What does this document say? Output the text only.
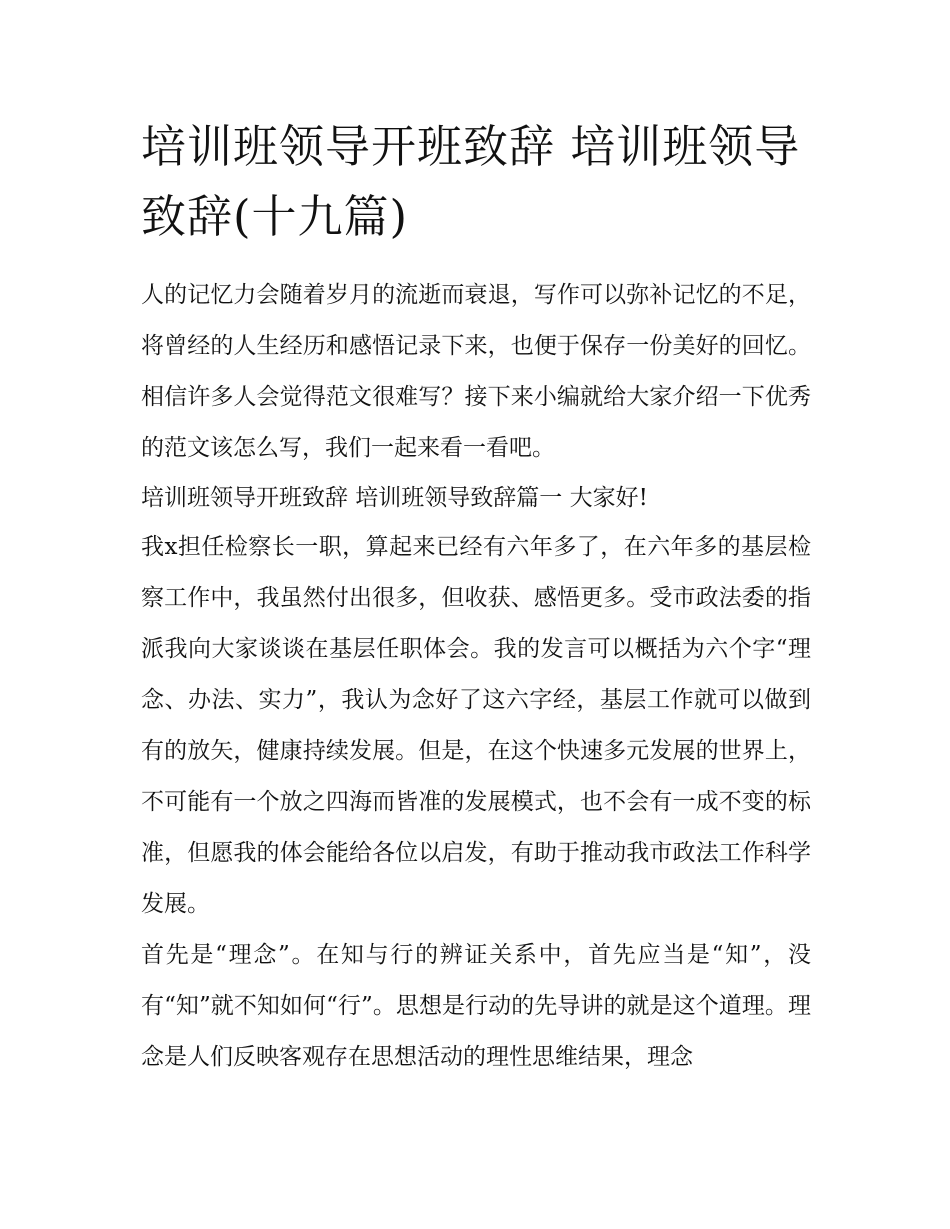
培训班领导开班致辞 培训班领导致辞(十九篇)

人的记忆力会随着岁月的流逝而衰退，写作可以弥补记忆的不足，将曾经的人生经历和感悟记录下来，也便于保存一份美好的回忆。相信许多人会觉得范文很难写？接下来小编就给大家介绍一下优秀的范文该怎么写，我们一起来看一看吧。

培训班领导开班致辞 培训班领导致辞篇一 大家好!

我x担任检察长一职，算起来已经有六年多了，在六年多的基层检察工作中，我虽然付出很多，但收获、感悟更多。受市政法委的指派我向大家谈谈在基层任职体会。我的发言可以概括为六个字“理念、办法、实力”，我认为念好了这六字经，基层工作就可以做到有的放矢，健康持续发展。但是，在这个快速多元发展的世界上，不可能有一个放之四海而皆准的发展模式，也不会有一成不变的标准，但愿我的体会能给各位以启发，有助于推动我市政法工作科学发展。

首先是“理念”。在知与行的辨证关系中，首先应当是“知”，没有“知”就不知如何“行”。思想是行动的先导讲的就是这个道理。理念是人们反映客观存在思想活动的理性思维结果，理念
